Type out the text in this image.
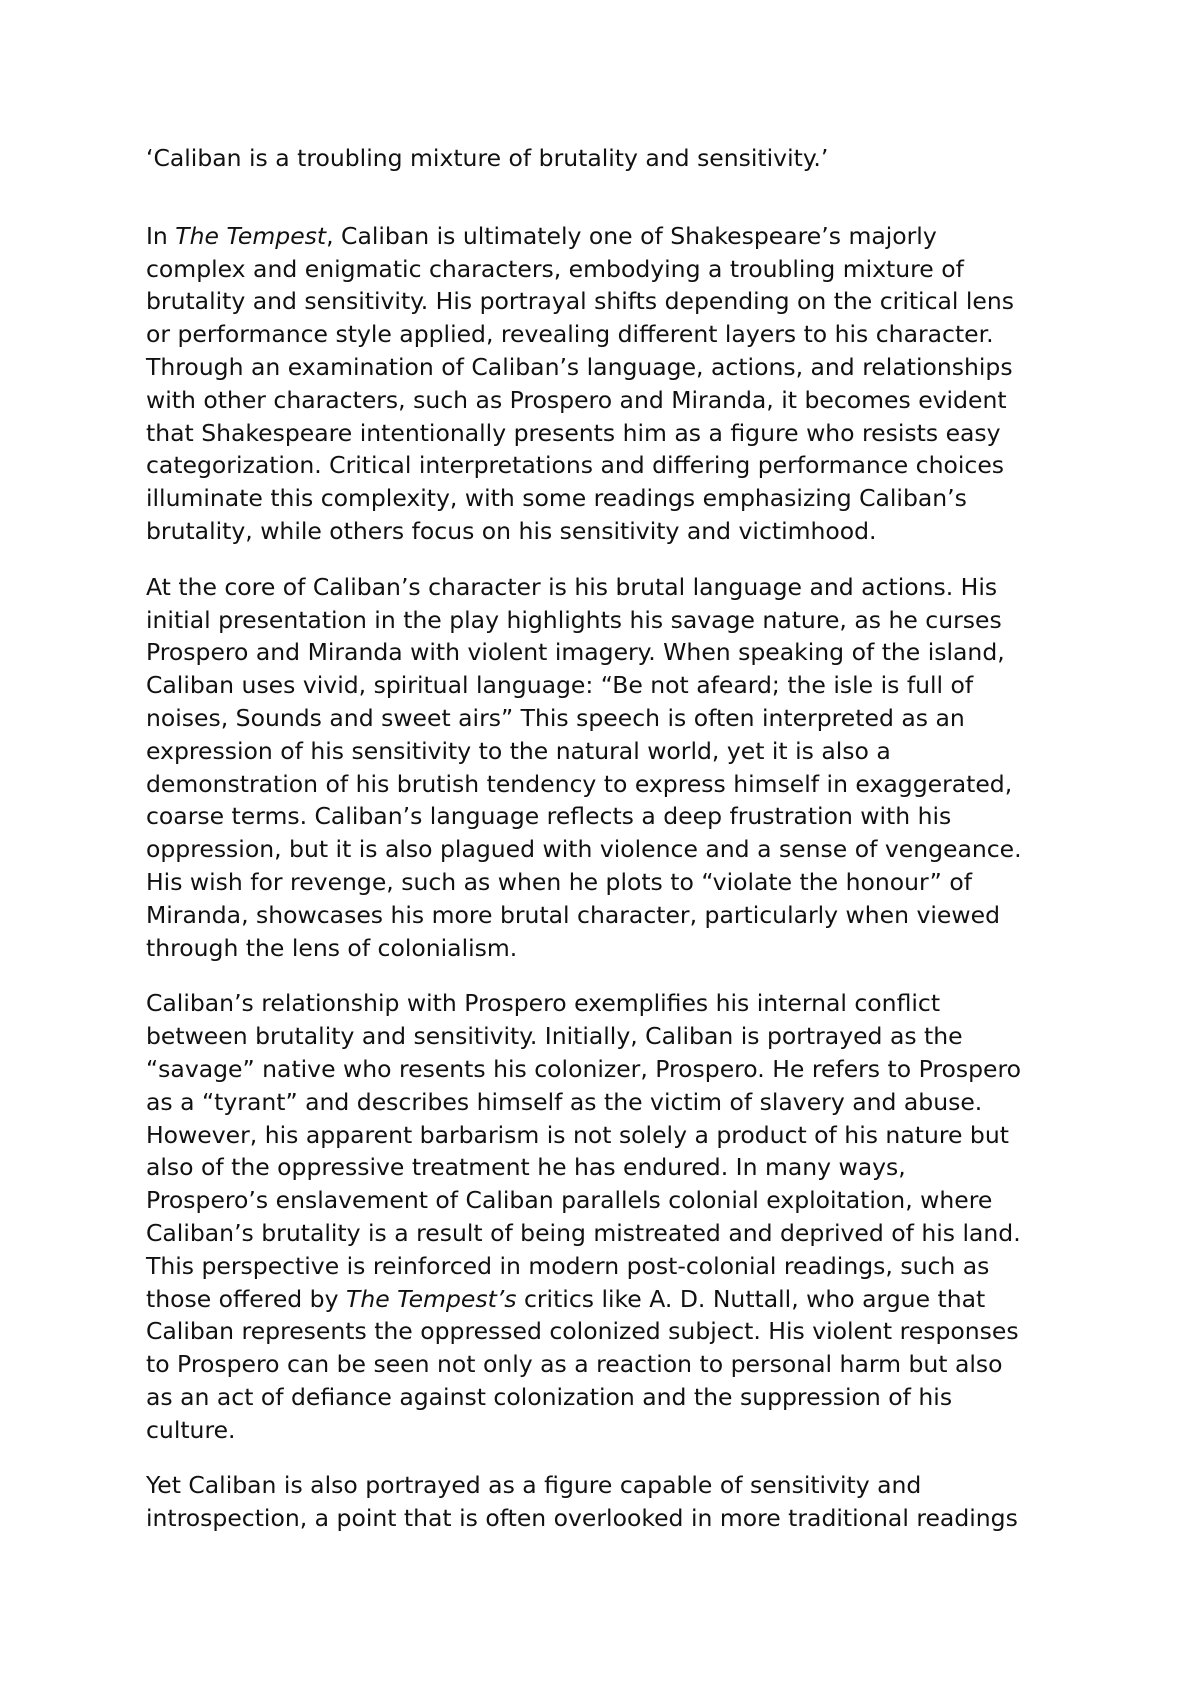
‘Caliban is a troubling mixture of brutality and sensitivity.’
In The Tempest, Caliban is ultimately one of Shakespeare’s majorly
complex and enigmatic characters, embodying a troubling mixture of
brutality and sensitivity. His portrayal shifts depending on the critical lens
or performance style applied, revealing different layers to his character.
Through an examination of Caliban’s language, actions, and relationships
with other characters, such as Prospero and Miranda, it becomes evident
that Shakespeare intentionally presents him as a figure who resists easy
categorization. Critical interpretations and differing performance choices
illuminate this complexity, with some readings emphasizing Caliban’s
brutality, while others focus on his sensitivity and victimhood.
At the core of Caliban’s character is his brutal language and actions. His
initial presentation in the play highlights his savage nature, as he curses
Prospero and Miranda with violent imagery. When speaking of the island,
Caliban uses vivid, spiritual language: “Be not afeard; the isle is full of
noises, Sounds and sweet airs” This speech is often interpreted as an
expression of his sensitivity to the natural world, yet it is also a
demonstration of his brutish tendency to express himself in exaggerated,
coarse terms. Caliban’s language reflects a deep frustration with his
oppression, but it is also plagued with violence and a sense of vengeance.
His wish for revenge, such as when he plots to “violate the honour” of
Miranda, showcases his more brutal character, particularly when viewed
through the lens of colonialism.
Caliban’s relationship with Prospero exemplifies his internal conflict
between brutality and sensitivity. Initially, Caliban is portrayed as the
“savage” native who resents his colonizer, Prospero. He refers to Prospero
as a “tyrant” and describes himself as the victim of slavery and abuse.
However, his apparent barbarism is not solely a product of his nature but
also of the oppressive treatment he has endured. In many ways,
Prospero’s enslavement of Caliban parallels colonial exploitation, where
Caliban’s brutality is a result of being mistreated and deprived of his land.
This perspective is reinforced in modern post-colonial readings, such as
those offered by The Tempest’s critics like A. D. Nuttall, who argue that
Caliban represents the oppressed colonized subject. His violent responses
to Prospero can be seen not only as a reaction to personal harm but also
as an act of defiance against colonization and the suppression of his
culture.
Yet Caliban is also portrayed as a figure capable of sensitivity and
introspection, a point that is often overlooked in more traditional readings
